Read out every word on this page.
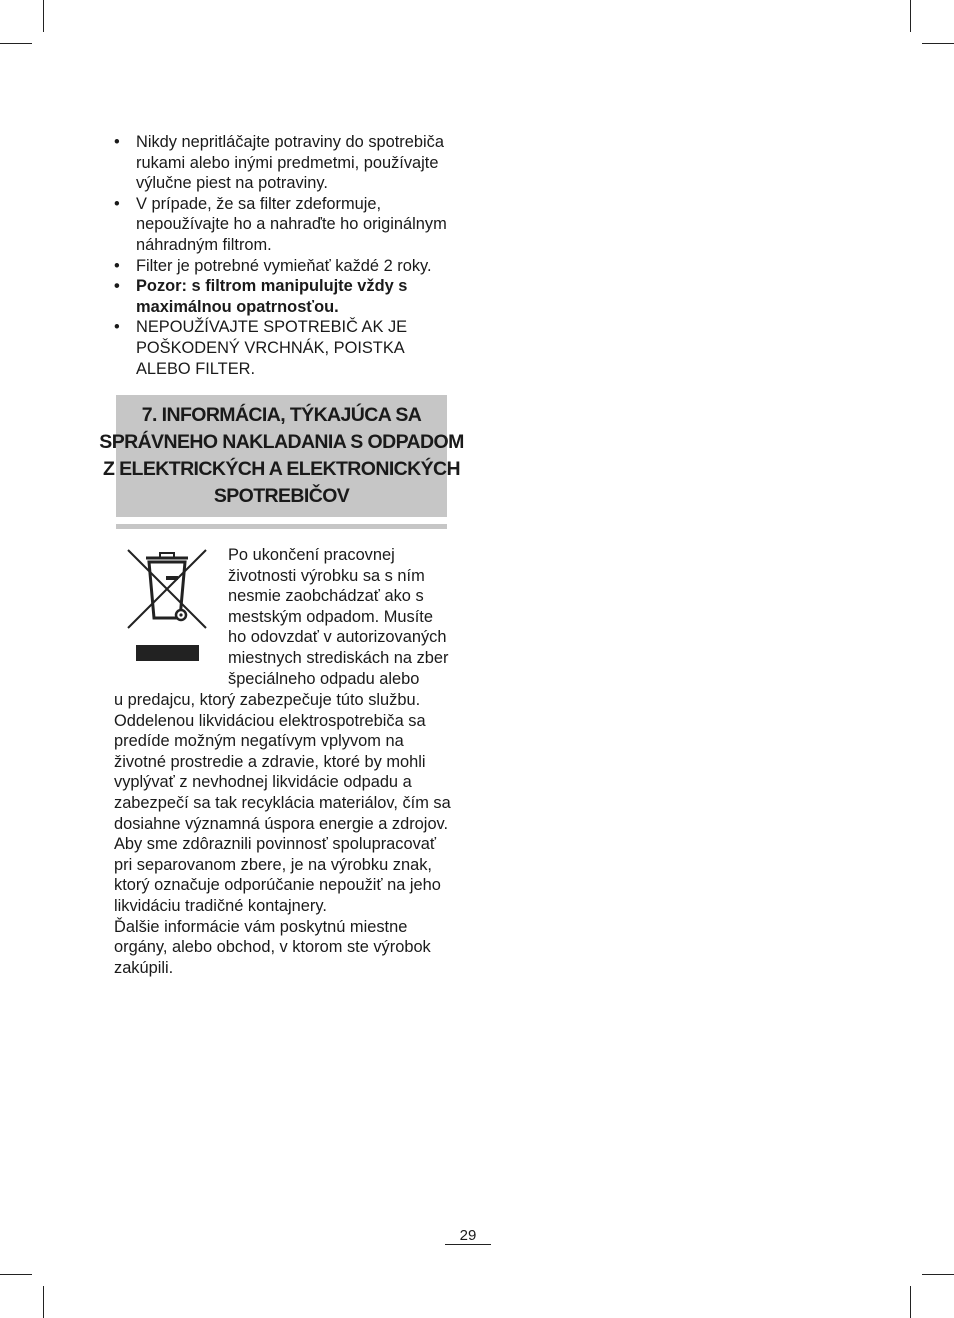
• Nikdy nepritláčajte potraviny do spotrebiča
rukami alebo inými predmetmi, používajte
výlučne piest na potraviny.
• V prípade, že sa filter zdeformuje,
nepoužívajte ho a nahraďte ho originálnym
náhradným filtrom.
• Filter je potrebné vymieňať každé 2 roky.
• Pozor: s filtrom manipulujte vždy s
maximálnou opatrnosťou.
• NEPOUŽÍVAJTE SPOTREBIČ AK JE
POŠKODENÝ VRCHNÁK, POISTKA
ALEBO FILTER.
7. INFORMÁCIA, TÝKAJÚCA SA
SPRÁVNEHO NAKLADANIA S ODPADOM
Z ELEKTRICKÝCH A ELEKTRONICKÝCH
SPOTREBIČOV
Po ukončení pracovnej
životnosti výrobku sa s ním
nesmie zaobchádzať ako s
mestským odpadom. Musíte
ho odovzdať v autorizovaných
miestnych strediskách na zber
špeciálneho odpadu alebo
u predajcu, ktorý zabezpečuje túto službu.
Oddelenou likvidáciou elektrospotrebiča sa
predíde možným negatívym vplyvom na
životné prostredie a zdravie, ktoré by mohli
vyplývať z nevhodnej likvidácie odpadu a
zabezpečí sa tak recyklácia materiálov, čím sa
dosiahne významná úspora energie a zdrojov.
Aby sme zdôraznili povinnosť spolupracovať
pri separovanom zbere, je na výrobku znak,
ktorý označuje odporúčanie nepoužiť na jeho
likvidáciu tradičné kontajnery.
Ďalšie informácie vám poskytnú miestne
orgány, alebo obchod, v ktorom ste výrobok
zakúpili.
29
